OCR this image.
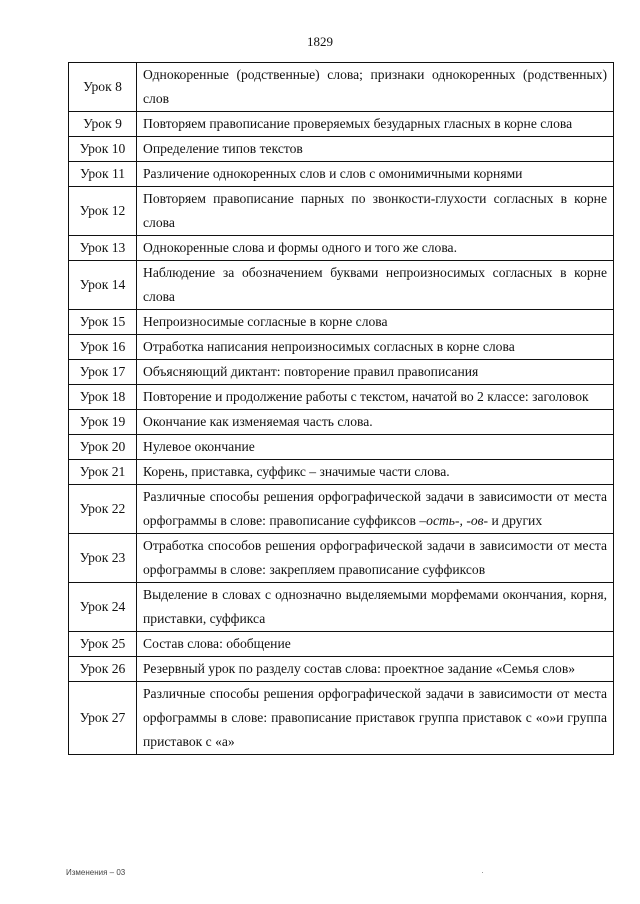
1829
Урок 8	Однокоренные (родственные) слова; признаки однокоренных (родственных) слов
Урок 9	Повторяем правописание проверяемых безударных гласных в корне слова
Урок 10	Определение типов текстов
Урок 11	Различение однокоренных слов и слов с омонимичными корнями
Урок 12	Повторяем правописание парных по звонкости-глухости согласных в корне слова
Урок 13	Однокоренные слова и формы одного и того же слова.
Урок 14	Наблюдение за обозначением буквами непроизносимых согласных в корне слова
Урок 15	Непроизносимые согласные в корне слова
Урок 16	Отработка написания непроизносимых согласных в корне слова
Урок 17	Объясняющий диктант: повторение правил правописания
Урок 18	Повторение и продолжение работы с текстом, начатой во 2 классе: заголовок
Урок 19	Окончание как изменяемая часть слова.
Урок 20	Нулевое окончание
Урок 21	Корень, приставка, суффикс – значимые части слова.
Урок 22	Различные способы решения орфографической задачи в зависимости от места орфограммы в слове: правописание суффиксов –ость-, -ов- и других
Урок 23	Отработка способов решения орфографической задачи в зависимости от места орфограммы в слове: закрепляем правописание суффиксов
Урок 24	Выделение в словах с однозначно выделяемыми морфемами окончания, корня, приставки, суффикса
Урок 25	Состав слова: обобщение
Урок 26	Резервный урок по разделу состав слова: проектное задание «Семья слов»
Урок 27	Различные способы решения орфографической задачи в зависимости от места орфограммы в слове: правописание приставок группа приставок с «о»и группа приставок с «а»
Изменения – 03
